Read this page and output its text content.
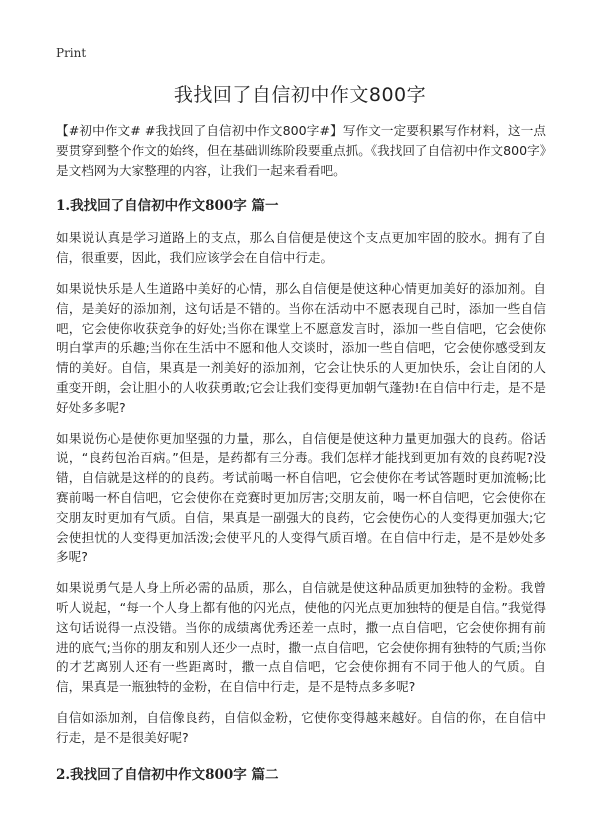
Print
我找回了自信初中作文800字

【#初中作文# #我找回了自信初中作文800字#】写作文一定要积累写作材料，这一点要贯穿到整个作文的始终，但在基础训练阶段要重点抓。《我找回了自信初中作文800字》是文档网为大家整理的内容，让我们一起来看看吧。

1.我找回了自信初中作文800字 篇一

如果说认真是学习道路上的支点，那么自信便是使这个支点更加牢固的胶水。拥有了自信，很重要，因此，我们应该学会在自信中行走。

如果说快乐是人生道路中美好的心情，那么自信便是使这种心情更加美好的添加剂。自信，是美好的添加剂，这句话是不错的。当你在活动中不愿表现自己时，添加一些自信吧，它会使你收获竞争的好处;当你在课堂上不愿意发言时，添加一些自信吧，它会使你明白掌声的乐趣;当你在生活中不愿和他人交谈时，添加一些自信吧，它会使你感受到友情的美好。自信，果真是一剂美好的添加剂，它会让快乐的人更加快乐，会让自闭的人重变开朗，会让胆小的人收获勇敢;它会让我们变得更加朝气蓬勃!在自信中行走，是不是好处多多呢?

如果说伤心是使你更加坚强的力量，那么，自信便是使这种力量更加强大的良药。俗话说，“良药包治百病。”但是，是药都有三分毒。我们怎样才能找到更加有效的良药呢?没错，自信就是这样的的良药。考试前喝一杯自信吧，它会使你在考试答题时更加流畅;比赛前喝一杯自信吧，它会使你在竞赛时更加厉害;交朋友前，喝一杯自信吧，它会使你在交朋友时更加有气质。自信，果真是一副强大的良药，它会使伤心的人变得更加强大;它会使担忧的人变得更加活泼;会使平凡的人变得气质百增。在自信中行走，是不是妙处多多呢?

如果说勇气是人身上所必需的品质，那么，自信就是使这种品质更加独特的金粉。我曾听人说起，“每一个人身上都有他的闪光点，使他的闪光点更加独特的便是自信。”我觉得这句话说得一点没错。当你的成绩离优秀还差一点时，撒一点自信吧，它会使你拥有前进的底气;当你的朋友和别人还少一点时，撒一点自信吧，它会使你拥有独特的气质;当你的才艺离别人还有一些距离时，撒一点自信吧，它会使你拥有不同于他人的气质。自信，果真是一瓶独特的金粉，在自信中行走，是不是特点多多呢?

自信如添加剂，自信像良药，自信似金粉，它使你变得越来越好。自信的你，在自信中行走，是不是很美好呢?

2.我找回了自信初中作文800字 篇二
